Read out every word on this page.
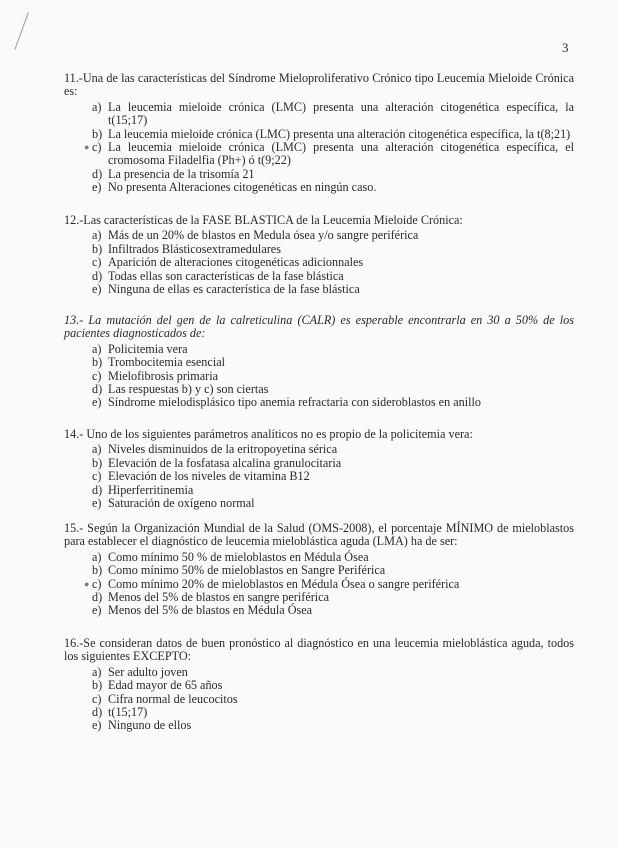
3
11.-Una de las características del Síndrome Mieloproliferativo Crónico tipo Leucemia Mieloide Crónica es:
a) La leucemia mieloide crónica (LMC) presenta una alteración citogenética específica, la t(15;17)
b) La leucemia mieloide crónica (LMC) presenta una alteración citogenética específica, la t(8;21)
● c) La leucemia mieloide crónica (LMC) presenta una alteración citogenética específica, el cromosoma Filadelfia (Ph+) ó t(9;22)
d) La presencia de la trisomía 21
e) No presenta Alteraciones citogenéticas en ningún caso.
12.-Las características de la FASE BLASTICA de la Leucemia Mieloide Crónica:
a) Más de un 20% de blastos en Medula ósea y/o sangre periférica
b) Infiltrados Blásticosextramedulares
c) Aparición de alteraciones citogenéticas adicionnales
d) Todas ellas son características de la fase blástica
e) Ninguna de ellas es característica de la fase blástica
13.- La mutación del gen de la calreticulina (CALR) es esperable encontrarla en 30 a 50% de los pacientes diagnosticados de:
a) Policitemia vera
b) Trombocitemia esencial
c) Mielofibrosis primaria
d) Las respuestas b) y c) son ciertas
e) Síndrome mielodisplásico tipo anemia refractaria con sideroblastos en anillo
14.- Uno de los siguientes parámetros analíticos no es propio de la policitemia vera:
a) Niveles disminuidos de la eritropoyetina sérica
b) Elevación de la fosfatasa alcalina granulocitaria
c) Elevación de los niveles de vitamina B12
d) Hiperferritinemia
e) Saturación de oxígeno normal
15.- Según la Organización Mundial de la Salud (OMS-2008), el porcentaje MÍNIMO de mieloblastos para establecer el diagnóstico de leucemia mieloblástica aguda (LMA) ha de ser:
a) Como mínimo 50 % de mieloblastos en Médula Ósea
b) Como mínimo 50% de mieloblastos en Sangre Periférica
● c) Como mínimo 20% de mieloblastos en Médula Ósea o sangre periférica
d) Menos del 5% de blastos en sangre periférica
e) Menos del 5% de blastos en Médula Ósea
16.-Se consideran datos de buen pronóstico al diagnóstico en una leucemia mieloblástica aguda, todos los siguientes EXCEPTO:
a) Ser adulto joven
b) Edad mayor de 65 años
c) Cifra normal de leucocitos
d) t(15;17)
e) Ninguno de ellos
